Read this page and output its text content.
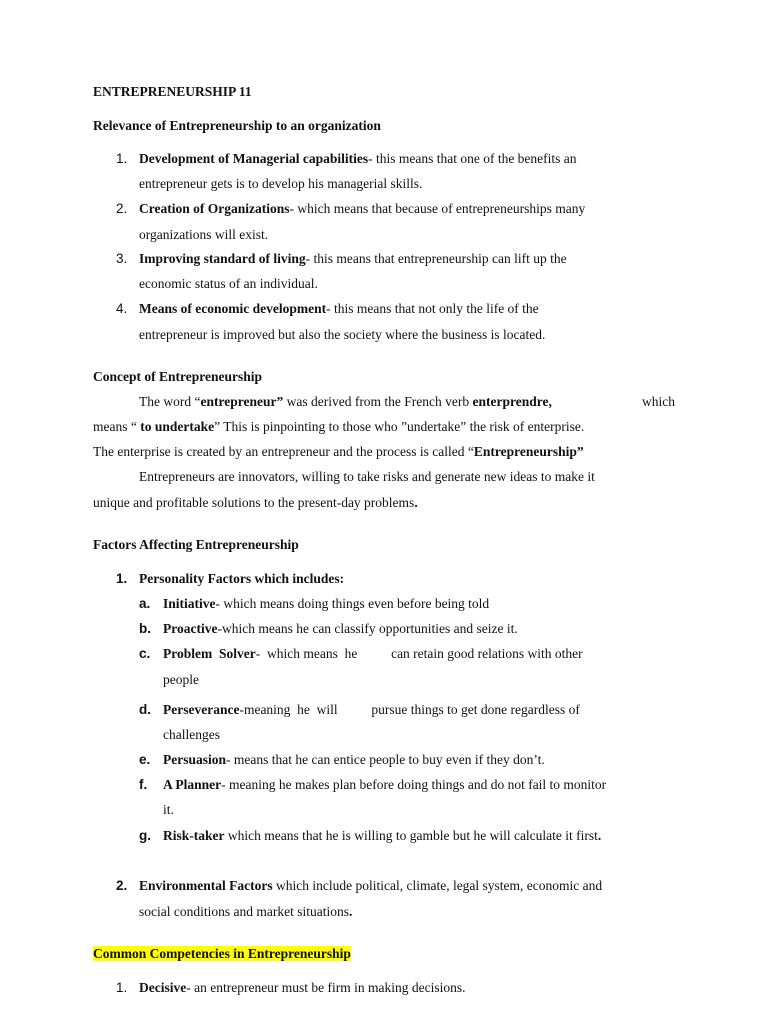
ENTREPRENEURSHIP 11
Relevance of Entrepreneurship to an organization
1. Development of Managerial capabilities- this means that one of the benefits an
entrepreneur gets is to develop his managerial skills.
2. Creation of Organizations- which means that because of entrepreneurships many
organizations will exist.
3. Improving standard of living- this means that entrepreneurship can lift up the
economic status of an individual.
4. Means of economic development- this means that not only the life of the
entrepreneur is improved but also the society where the business is located.
Concept of Entrepreneurship
The word “entrepreneur” was derived from the French verb enterprendre,	which
means “ to undertake” This is pinpointing to those who ”undertake” the risk of enterprise.
The enterprise is created by an entrepreneur and the process is called “Entrepreneurship”
Entrepreneurs are innovators, willing to take risks and generate new ideas to make it
unique and profitable solutions to the present-day problems.
Factors Affecting Entrepreneurship
1. Personality Factors which includes:
a. Initiative- which means doing things even before being told
b. Proactive-which means he can classify opportunities and seize it.
c. Problem  Solver-  which means  he          can retain good relations with other
people
d. Perseverance-meaning  he  will          pursue things to get done regardless of
challenges
e. Persuasion- means that he can entice people to buy even if they don’t.
f. A Planner- meaning he makes plan before doing things and do not fail to monitor
it.
g. Risk-taker which means that he is willing to gamble but he will calculate it first.
2. Environmental Factors which include political, climate, legal system, economic and
social conditions and market situations.
Common Competencies in Entrepreneurship
1. Decisive- an entrepreneur must be firm in making decisions.
